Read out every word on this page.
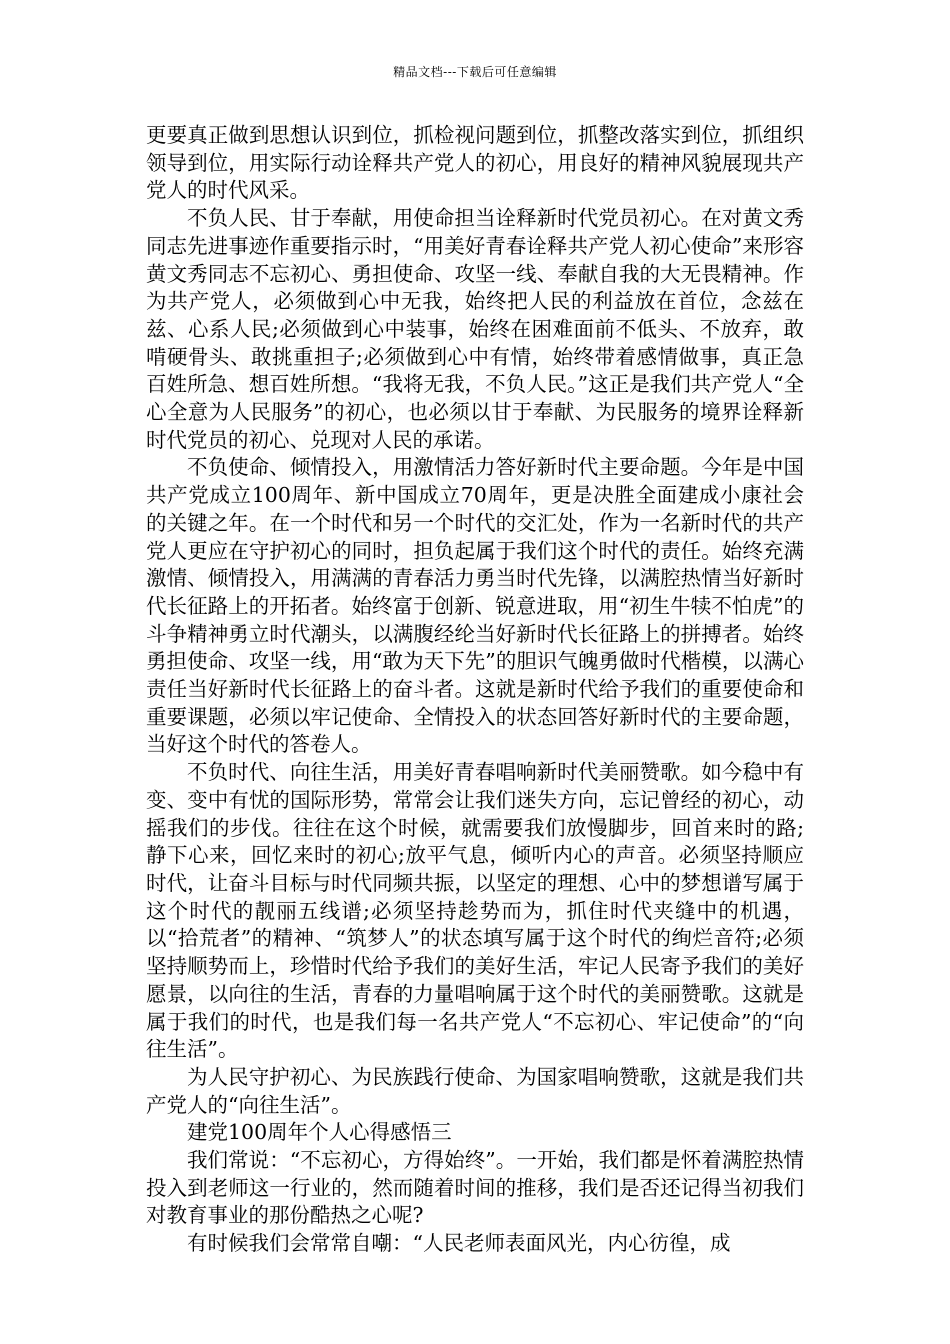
精品文档---下载后可任意编辑

更要真正做到思想认识到位，抓检视问题到位，抓整改落实到位，抓组织领导到位，用实际行动诠释共产党人的初心，用良好的精神风貌展现共产党人的时代风采。

不负人民、甘于奉献，用使命担当诠释新时代党员初心。在对黄文秀同志先进事迹作重要指示时，“用美好青春诠释共产党人初心使命”来形容黄文秀同志不忘初心、勇担使命、攻坚一线、奉献自我的大无畏精神。作为共产党人，必须做到心中无我，始终把人民的利益放在首位，念兹在兹、心系人民;必须做到心中装事，始终在困难面前不低头、不放弃，敢啃硬骨头、敢挑重担子;必须做到心中有情，始终带着感情做事，真正急百姓所急、想百姓所想。“我将无我，不负人民。”这正是我们共产党人“全心全意为人民服务”的初心，也必须以甘于奉献、为民服务的境界诠释新时代党员的初心、兑现对人民的承诺。

不负使命、倾情投入，用激情活力答好新时代主要命题。今年是中国共产党成立100周年、新中国成立70周年，更是决胜全面建成小康社会的关键之年。在一个时代和另一个时代的交汇处，作为一名新时代的共产党人更应在守护初心的同时，担负起属于我们这个时代的责任。始终充满激情、倾情投入，用满满的青春活力勇当时代先锋，以满腔热情当好新时代长征路上的开拓者。始终富于创新、锐意进取，用“初生牛犊不怕虎”的斗争精神勇立时代潮头，以满腹经纶当好新时代长征路上的拼搏者。始终勇担使命、攻坚一线，用“敢为天下先”的胆识气魄勇做时代楷模，以满心责任当好新时代长征路上的奋斗者。这就是新时代给予我们的重要使命和重要课题，必须以牢记使命、全情投入的状态回答好新时代的主要命题，当好这个时代的答卷人。

不负时代、向往生活，用美好青春唱响新时代美丽赞歌。如今稳中有变、变中有忧的国际形势，常常会让我们迷失方向，忘记曾经的初心，动摇我们的步伐。往往在这个时候，就需要我们放慢脚步，回首来时的路;静下心来，回忆来时的初心;放平气息，倾听内心的声音。必须坚持顺应时代，让奋斗目标与时代同频共振，以坚定的理想、心中的梦想谱写属于这个时代的靓丽五线谱;必须坚持趁势而为，抓住时代夹缝中的机遇，以“拾荒者”的精神、“筑梦人”的状态填写属于这个时代的绚烂音符;必须坚持顺势而上，珍惜时代给予我们的美好生活，牢记人民寄予我们的美好愿景，以向往的生活，青春的力量唱响属于这个时代的美丽赞歌。这就是属于我们的时代，也是我们每一名共产党人“不忘初心、牢记使命”的“向往生活”。

为人民守护初心、为民族践行使命、为国家唱响赞歌，这就是我们共产党人的“向往生活”。

建党100周年个人心得感悟三

我们常说：“不忘初心，方得始终”。一开始，我们都是怀着满腔热情投入到老师这一行业的，然而随着时间的推移，我们是否还记得当初我们对教育事业的那份酷热之心呢?

有时候我们会常常自嘲：“人民老师表面风光，内心彷徨，成
